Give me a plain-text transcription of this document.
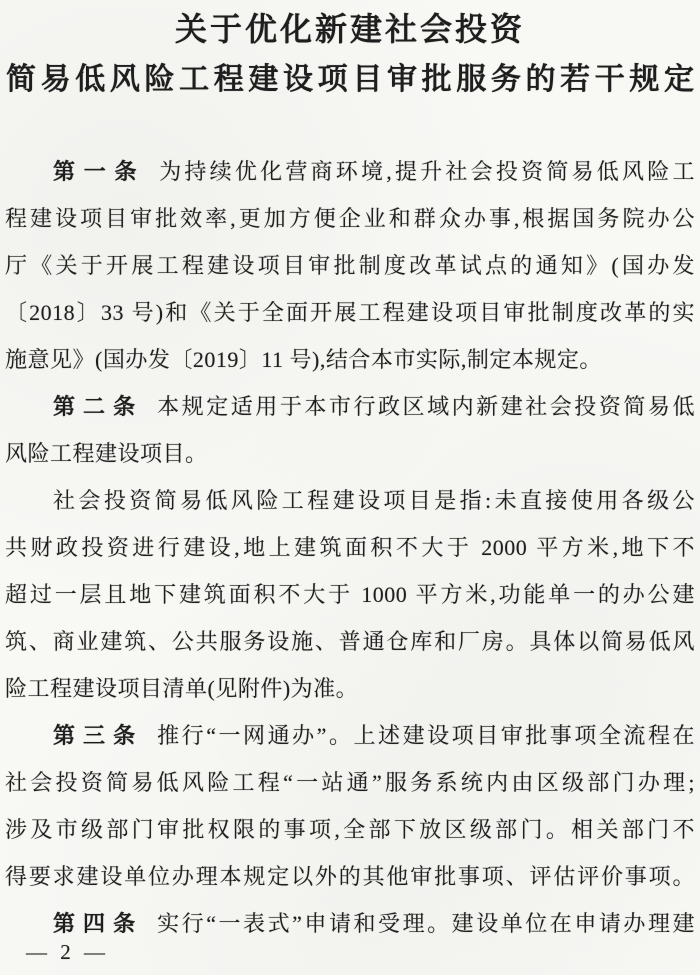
关于优化新建社会投资
简易低风险工程建设项目审批服务的若干规定
第一条 为持续优化营商环境,提升社会投资简易低风险工
程建设项目审批效率,更加方便企业和群众办事,根据国务院办公
厅《关于开展工程建设项目审批制度改革试点的通知》(国办发
〔2018〕33 号)和《关于全面开展工程建设项目审批制度改革的实
施意见》(国办发〔2019〕11 号),结合本市实际,制定本规定。
第二条 本规定适用于本市行政区域内新建社会投资简易低
风险工程建设项目。
社会投资简易低风险工程建设项目是指:未直接使用各级公
共财政投资进行建设,地上建筑面积不大于 2000 平方米,地下不
超过一层且地下建筑面积不大于 1000 平方米,功能单一的办公建
筑、商业建筑、公共服务设施、普通仓库和厂房。具体以简易低风
险工程建设项目清单(见附件)为准。
第三条 推行“一网通办”。上述建设项目审批事项全流程在
社会投资简易低风险工程“一站通”服务系统内由区级部门办理;
涉及市级部门审批权限的事项,全部下放区级部门。相关部门不
得要求建设单位办理本规定以外的其他审批事项、评估评价事项。
第四条 实行“一表式”申请和受理。建设单位在申请办理建
— 2 —
